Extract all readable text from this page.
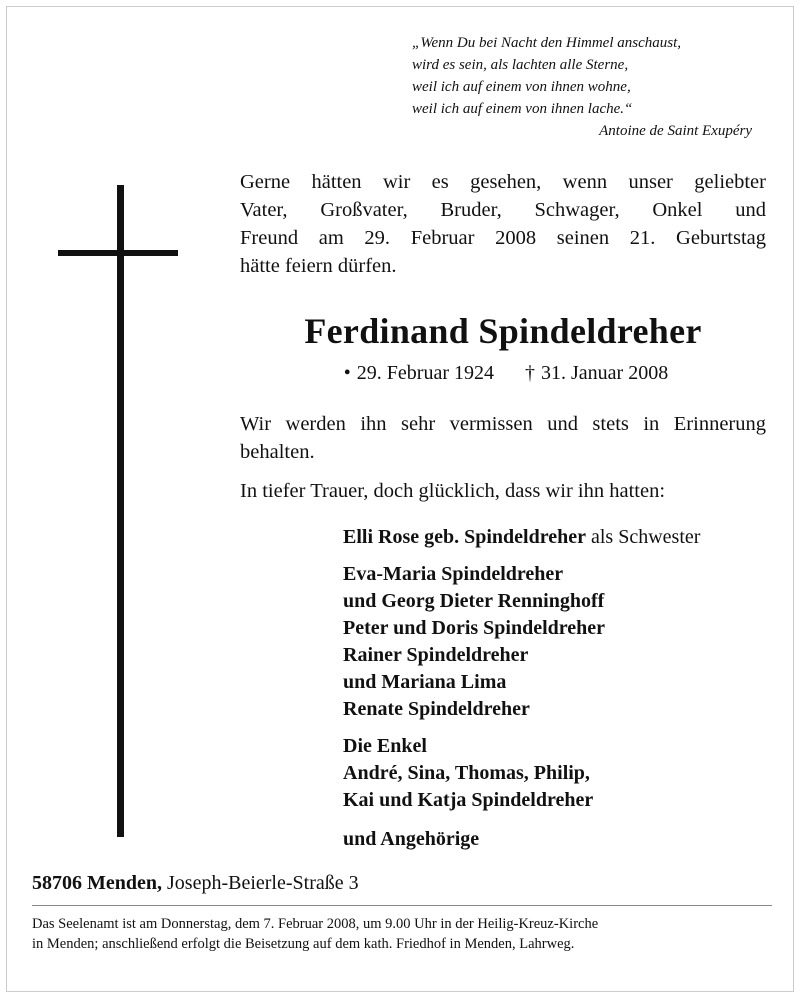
„Wenn Du bei Nacht den Himmel anschaust,
wird es sein, als lachten alle Sterne,
weil ich auf einem von ihnen wohne,
weil ich auf einem von ihnen lache.“
Antoine de Saint Exupéry
Gerne hätten wir es gesehen, wenn unser geliebter
Vater, Großvater, Bruder, Schwager, Onkel und
Freund am 29. Februar 2008 seinen 21. Geburtstag
hätte feiern dürfen.
Ferdinand Spindeldreher
• 29. Februar 1924 † 31. Januar 2008
Wir werden ihn sehr vermissen und stets in Erinnerung
behalten.
In tiefer Trauer, doch glücklich, dass wir ihn hatten:
Elli Rose geb. Spindeldreher als Schwester
Eva-Maria Spindeldreher
und Georg Dieter Renninghoff
Peter und Doris Spindeldreher
Rainer Spindeldreher
und Mariana Lima
Renate Spindeldreher
Die Enkel
André, Sina, Thomas, Philip,
Kai und Katja Spindeldreher
und Angehörige
58706 Menden, Joseph-Beierle-Straße 3
Das Seelenamt ist am Donnerstag, dem 7. Februar 2008, um 9.00 Uhr in der Heilig-Kreuz-Kirche
in Menden; anschließend erfolgt die Beisetzung auf dem kath. Friedhof in Menden, Lahrweg.
